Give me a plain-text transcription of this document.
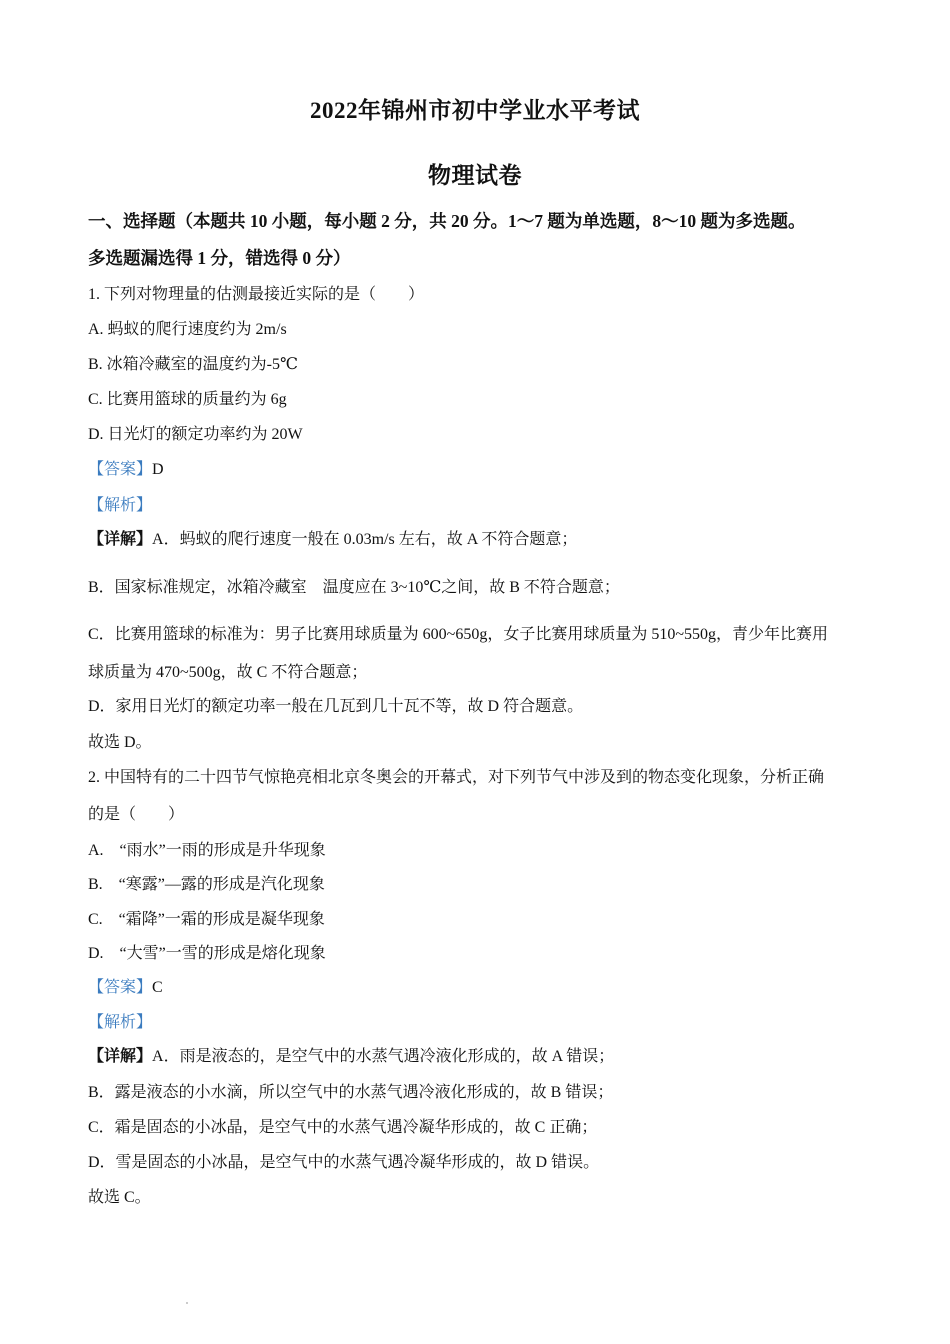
2022年锦州市初中学业水平考试
物理试卷
一、选择题（本题共 10 小题，每小题 2 分，共 20 分。1～7 题为单选题，8～10 题为多选题。
多选题漏选得 1 分，错选得 0 分）
1. 下列对物理量的估测最接近实际的是（　　）
A. 蚂蚁的爬行速度约为 2m/s
B. 冰箱冷藏室的温度约为-5℃
C. 比赛用篮球的质量约为 6g
D. 日光灯的额定功率约为 20W
【答案】D
【解析】
【详解】A．蚂蚁的爬行速度一般在 0.03m/s 左右，故 A 不符合题意；
B．国家标准规定，冰箱冷藏室　温度应在 3~10℃之间，故 B 不符合题意；
C．比赛用篮球的标准为：男子比赛用球质量为 600~650g，女子比赛用球质量为 510~550g，青少年比赛用
球质量为 470~500g，故 C 不符合题意；
D．家用日光灯的额定功率一般在几瓦到几十瓦不等，故 D 符合题意。
故选 D。
2. 中国特有的二十四节气惊艳亮相北京冬奥会的开幕式，对下列节气中涉及到的物态变化现象，分析正确
的是（　　）
A.　“雨水”一雨的形成是升华现象
B.　“寒露”—露的形成是汽化现象
C.　“霜降”一霜的形成是凝华现象
D.　“大雪”一雪的形成是熔化现象
【答案】C
【解析】
【详解】A．雨是液态的，是空气中的水蒸气遇冷液化形成的，故 A 错误；
B．露是液态的小水滴，所以空气中的水蒸气遇冷液化形成的，故 B 错误；
C．霜是固态的小冰晶，是空气中的水蒸气遇冷凝华形成的，故 C 正确；
D．雪是固态的小冰晶，是空气中的水蒸气遇冷凝华形成的，故 D 错误。
故选 C。
